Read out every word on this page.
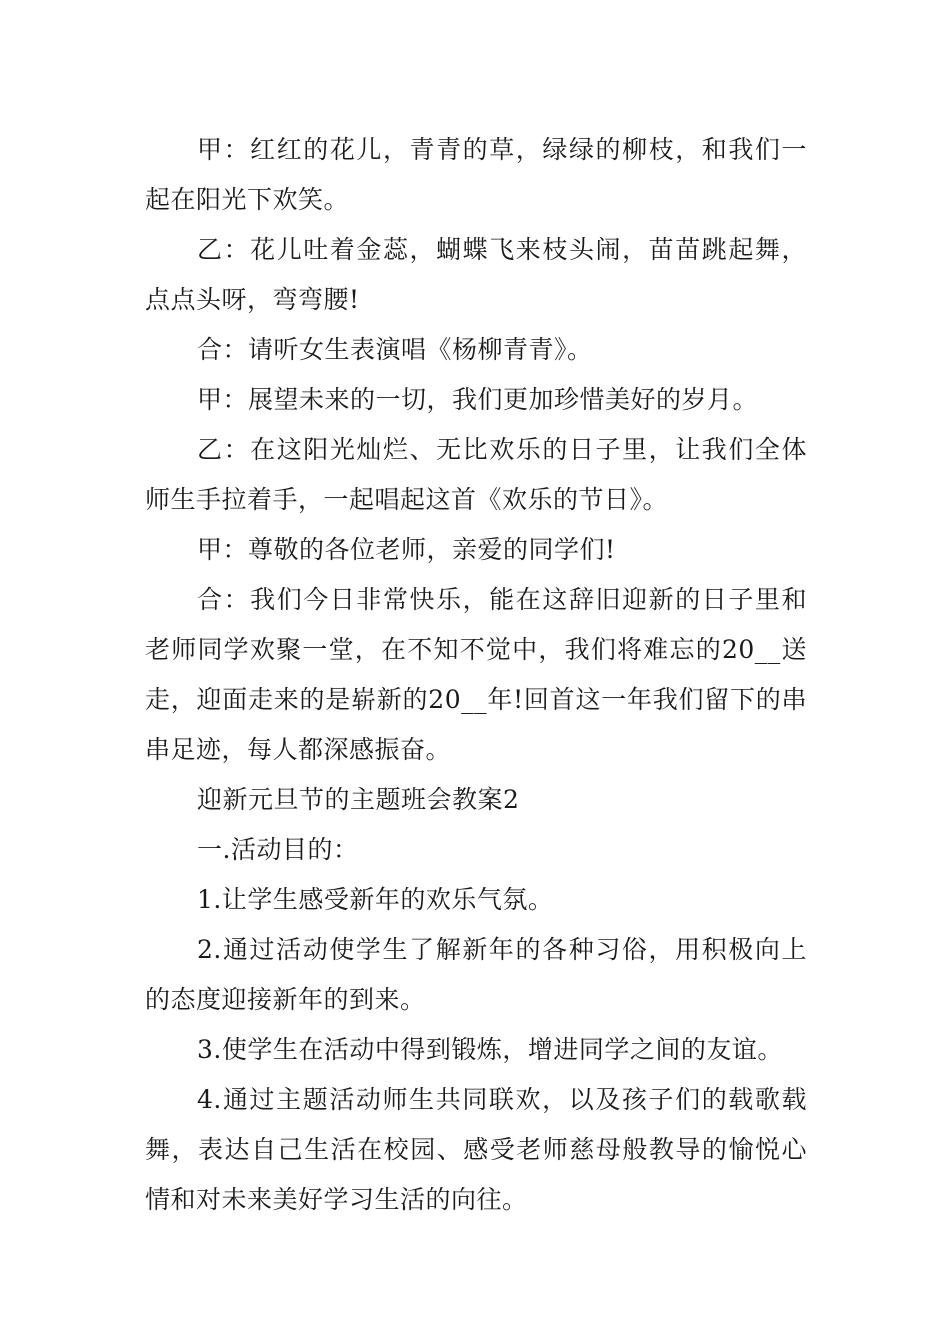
甲：红红的花儿，青青的草，绿绿的柳枝，和我们一起在阳光下欢笑。

乙：花儿吐着金蕊，蝴蝶飞来枝头闹，苗苗跳起舞，点点头呀，弯弯腰!

合：请听女生表演唱《杨柳青青》。

甲：展望未来的一切，我们更加珍惜美好的岁月。

乙：在这阳光灿烂、无比欢乐的日子里，让我们全体师生手拉着手，一起唱起这首《欢乐的节日》。

甲：尊敬的各位老师，亲爱的同学们!

合：我们今日非常快乐，能在这辞旧迎新的日子里和老师同学欢聚一堂，在不知不觉中，我们将难忘的20__送走，迎面走来的是崭新的20__年!回首这一年我们留下的串串足迹，每人都深感振奋。

迎新元旦节的主题班会教案2

一.活动目的：

1.让学生感受新年的欢乐气氛。

2.通过活动使学生了解新年的各种习俗，用积极向上的态度迎接新年的到来。

3.使学生在活动中得到锻炼，增进同学之间的友谊。

4.通过主题活动师生共同联欢，以及孩子们的载歌载舞，表达自己生活在校园、感受老师慈母般教导的愉悦心情和对未来美好学习生活的向往。
